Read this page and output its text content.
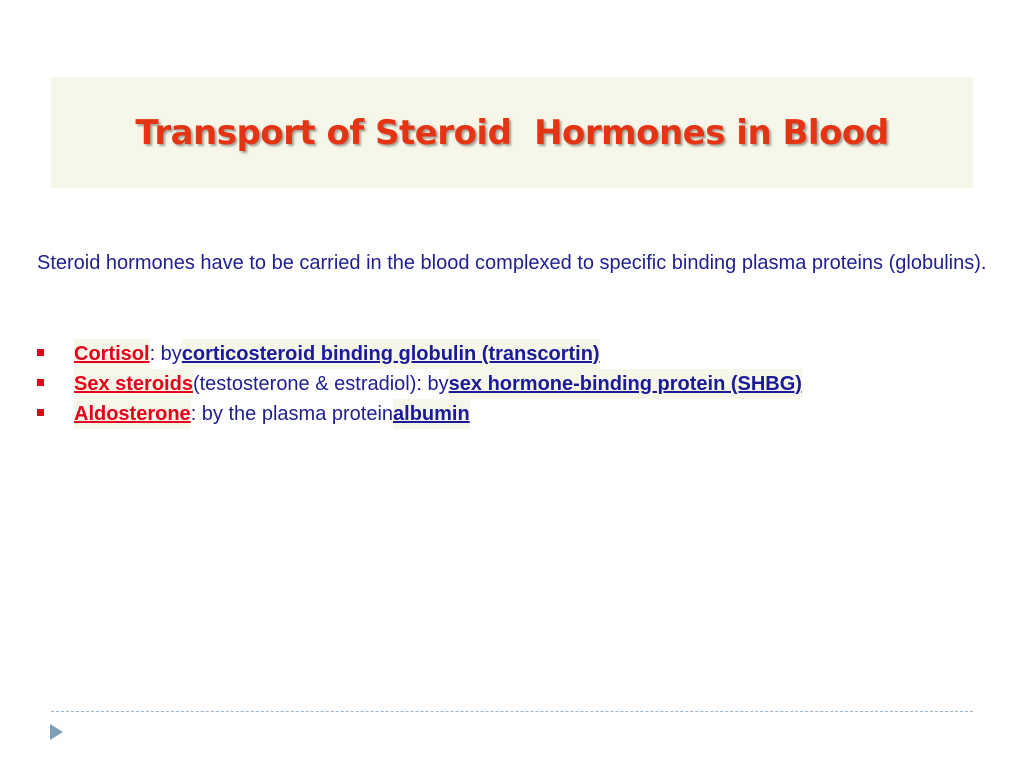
Transport of Steroid  Hormones in Blood
Steroid hormones have to be carried in the blood complexed to specific binding plasma proteins (globulins).
Cortisol : by corticosteroid binding globulin (transcortin)
Sex steroids (testosterone & estradiol): by sex hormone-binding protein (SHBG)
Aldosterone : by the plasma protein albumin
